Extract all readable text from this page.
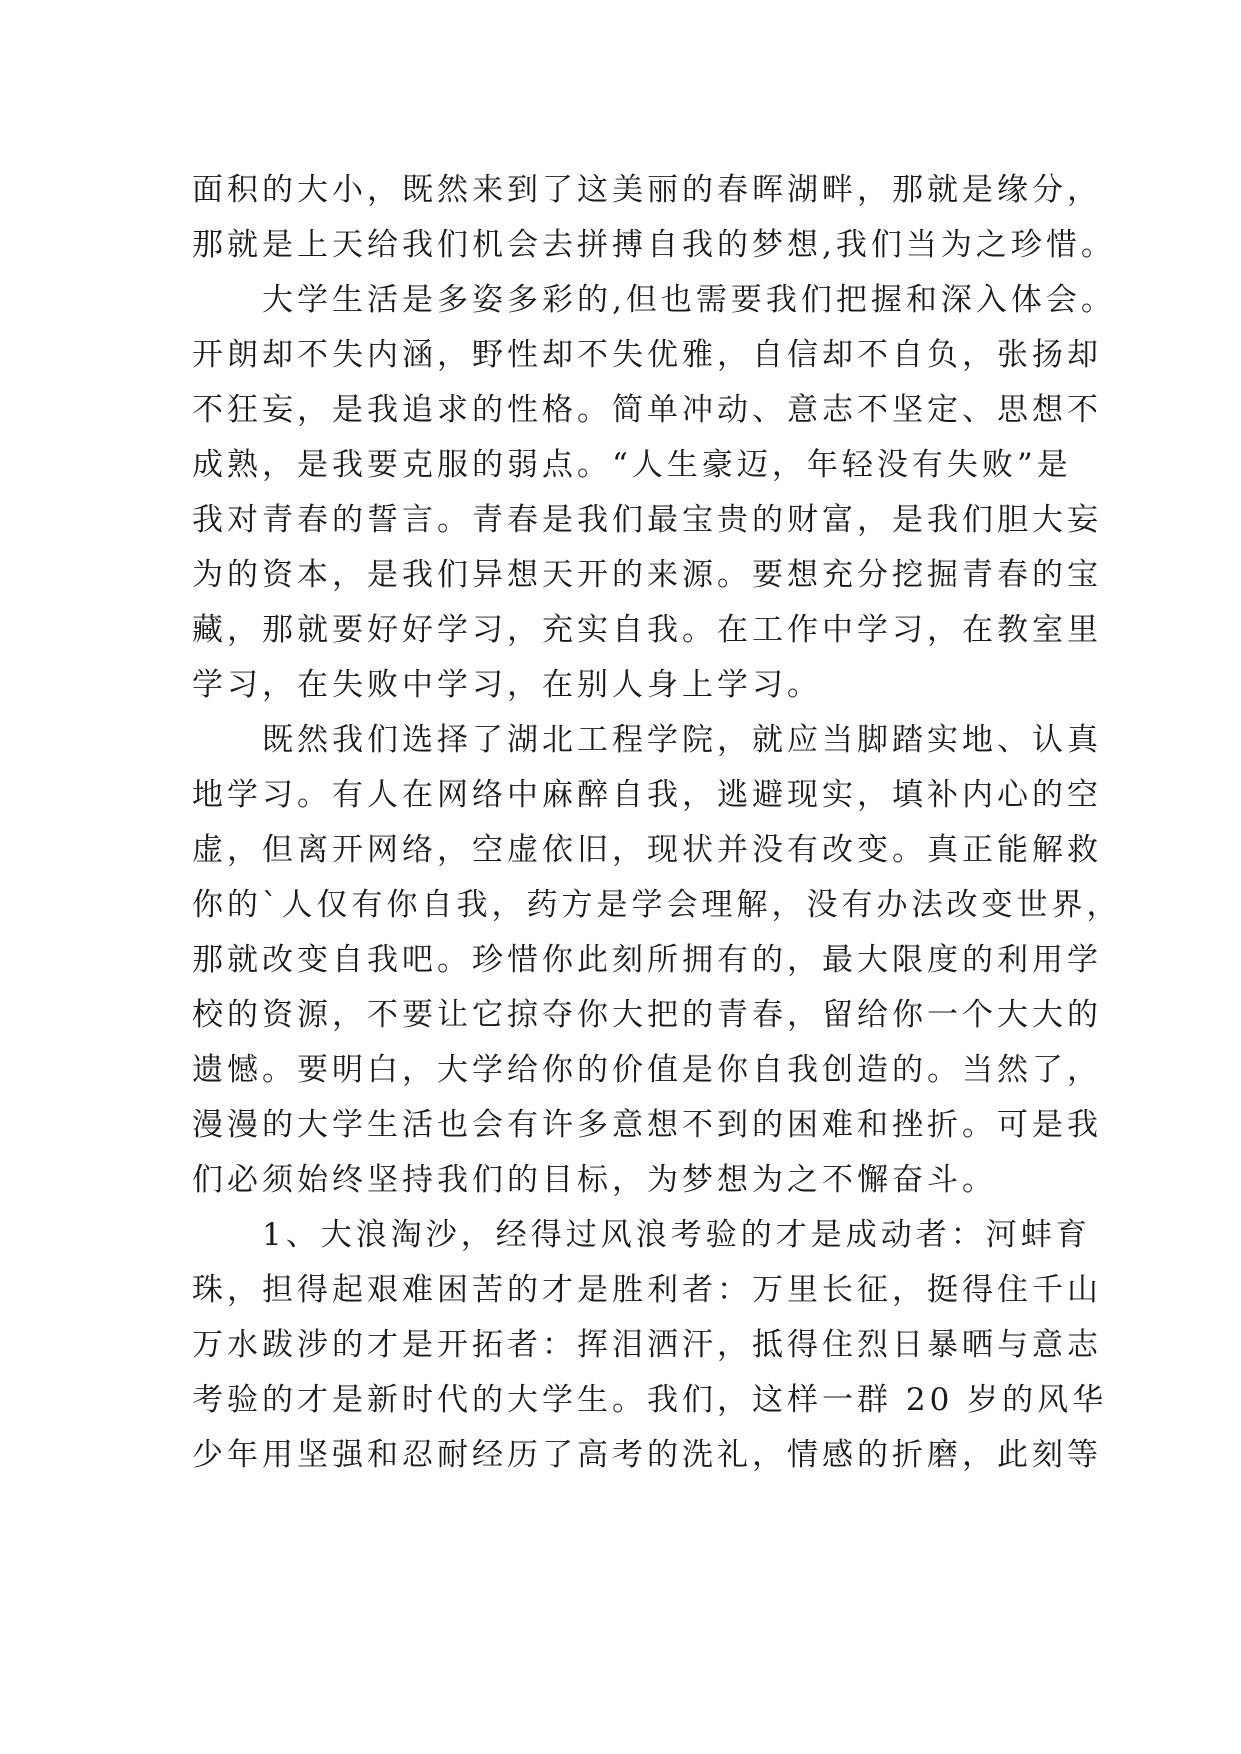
面积的大小，既然来到了这美丽的春晖湖畔，那就是缘分，
那就是上天给我们机会去拼搏自我的梦想,我们当为之珍惜。
大学生活是多姿多彩的,但也需要我们把握和深入体会。
开朗却不失内涵，野性却不失优雅，自信却不自负，张扬却
不狂妄，是我追求的性格。简单冲动、意志不坚定、思想不
成熟，是我要克服的弱点。“人生豪迈，年轻没有失败”是
我对青春的誓言。青春是我们最宝贵的财富，是我们胆大妄
为的资本，是我们异想天开的来源。要想充分挖掘青春的宝
藏，那就要好好学习，充实自我。在工作中学习，在教室里
学习，在失败中学习，在别人身上学习。
既然我们选择了湖北工程学院，就应当脚踏实地、认真
地学习。有人在网络中麻醉自我，逃避现实，填补内心的空
虚，但离开网络，空虚依旧，现状并没有改变。真正能解救
你的`人仅有你自我，药方是学会理解，没有办法改变世界，
那就改变自我吧。珍惜你此刻所拥有的，最大限度的利用学
校的资源，不要让它掠夺你大把的青春，留给你一个大大的
遗憾。要明白，大学给你的价值是你自我创造的。当然了，
漫漫的大学生活也会有许多意想不到的困难和挫折。可是我
们必须始终坚持我们的目标，为梦想为之不懈奋斗。
1、大浪淘沙，经得过风浪考验的才是成动者：河蚌育
珠，担得起艰难困苦的才是胜利者：万里长征，挺得住千山
万水跋涉的才是开拓者：挥泪洒汗，抵得住烈日暴晒与意志
考验的才是新时代的大学生。我们，这样一群 20 岁的风华
少年用坚强和忍耐经历了高考的洗礼，情感的折磨，此刻等
